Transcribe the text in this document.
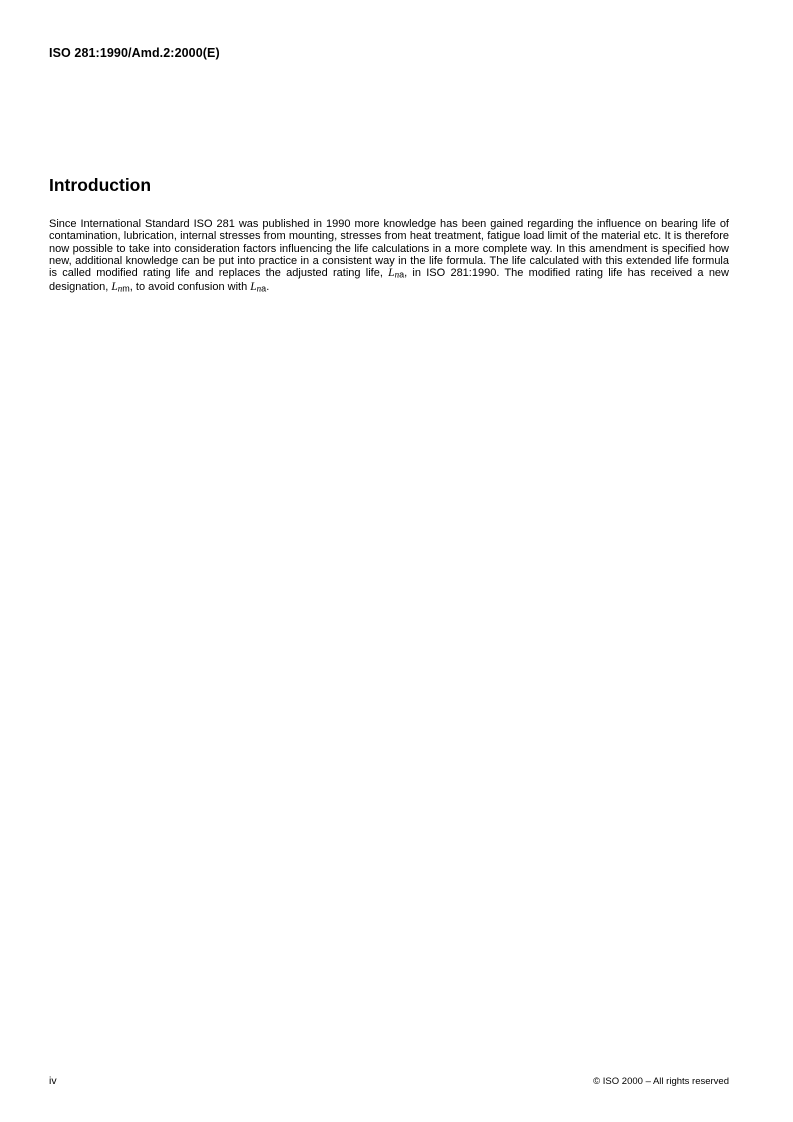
ISO 281:1990/Amd.2:2000(E)
Introduction

Since International Standard ISO 281 was published in 1990 more knowledge has been gained regarding the influence on bearing life of contamination, lubrication, internal stresses from mounting, stresses from heat treatment, fatigue load limit of the material etc. It is therefore now possible to take into consideration factors influencing the life calculations in a more complete way. In this amendment is specified how new, additional knowledge can be put into practice in a consistent way in the life formula. The life calculated with this extended life formula is called modified rating life and replaces the adjusted rating life, Lna, in ISO 281:1990. The modified rating life has received a new designation, Lnm, to avoid confusion with Lna.

iv	© ISO 2000 – All rights reserved
